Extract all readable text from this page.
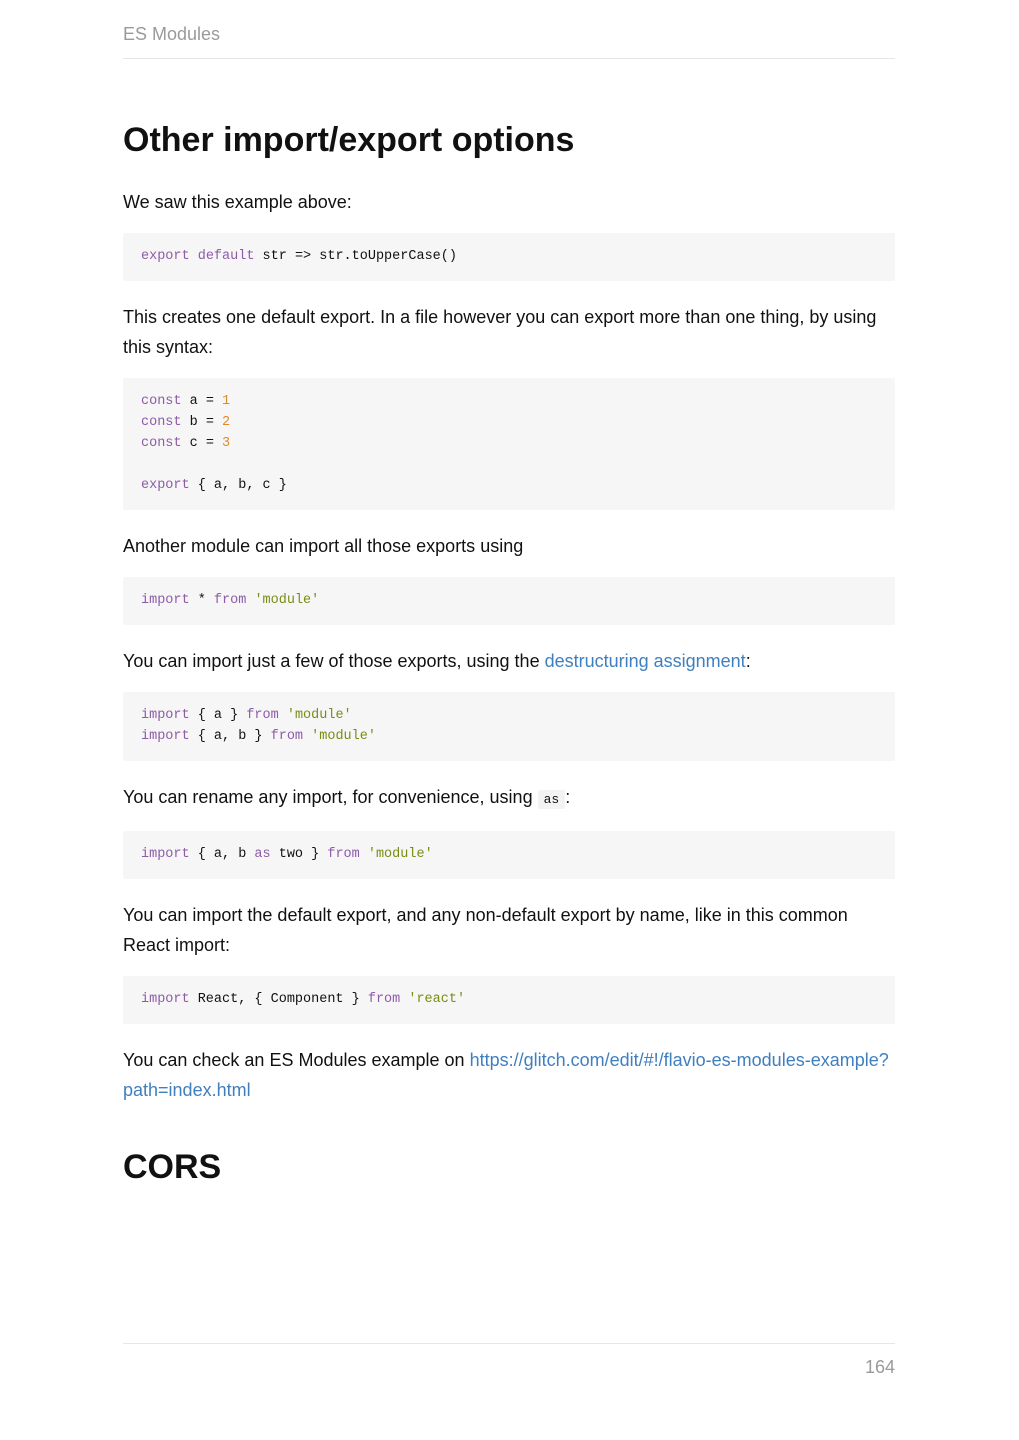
ES Modules
Other import/export options

We saw this example above:

export default str => str.toUpperCase()

This creates one default export. In a file however you can export more than one thing, by using this syntax:

const a = 1
const b = 2
const c = 3
export { a, b, c }

Another module can import all those exports using

import * from 'module'

You can import just a few of those exports, using the destructuring assignment:

import { a } from 'module'
import { a, b } from 'module'

You can rename any import, for convenience, using as :

import { a, b as two } from 'module'

You can import the default export, and any non-default export by name, like in this common React import:

import React, { Component } from 'react'

You can check an ES Modules example on https://glitch.com/edit/#!/flavio-es-modules-example?path=index.html

CORS
164
